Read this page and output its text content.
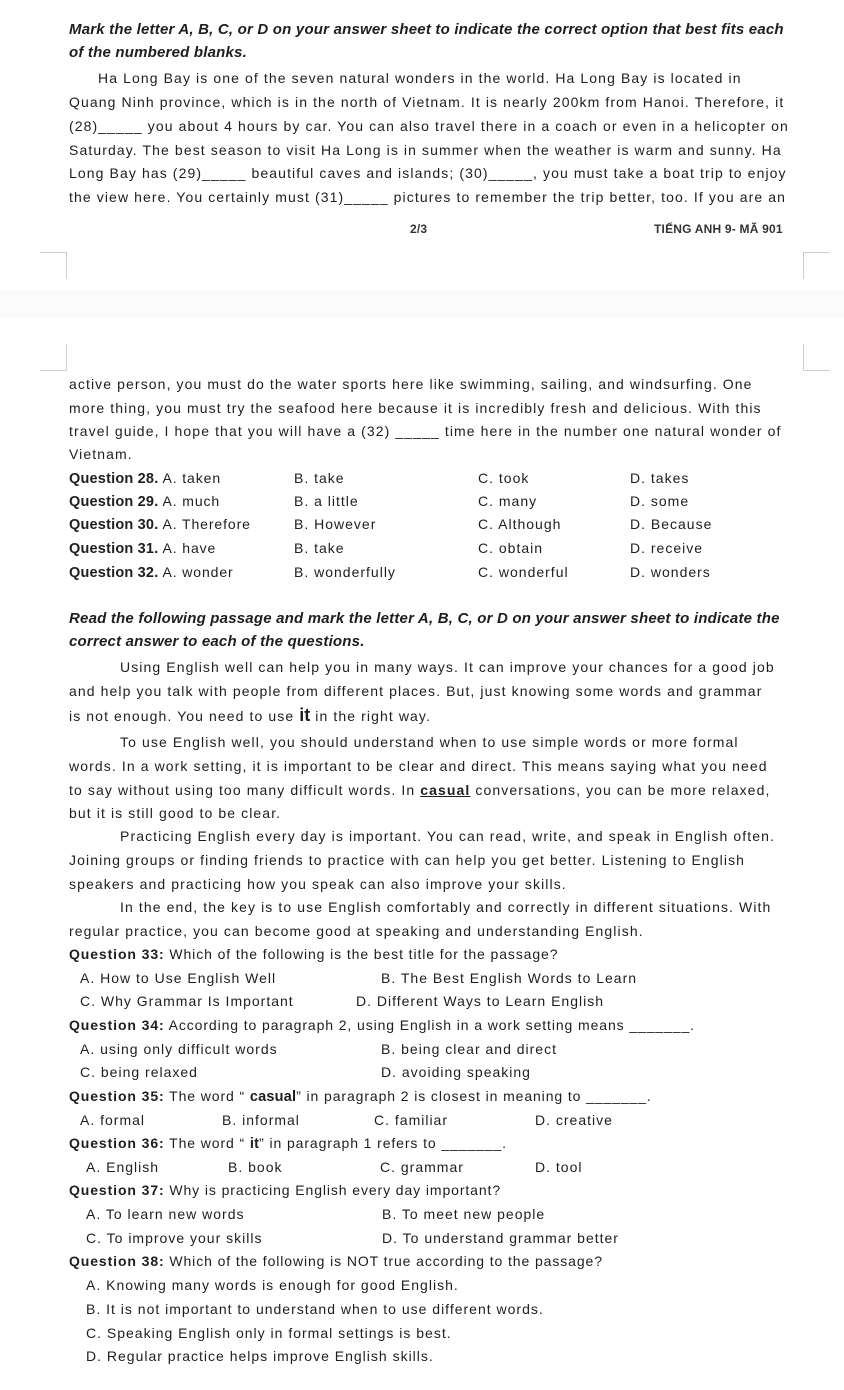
Mark the letter A, B, C, or D on your answer sheet to indicate the correct option that best fits each
of the numbered blanks.
Ha Long Bay is one of the seven natural wonders in the world. Ha Long Bay is located in
Quang Ninh province, which is in the north of Vietnam. It is nearly 200km from Hanoi. Therefore, it
(28)_____ you about 4 hours by car. You can also travel there in a coach or even in a helicopter on
Saturday. The best season to visit Ha Long is in summer when the weather is warm and sunny. Ha
Long Bay has (29)_____ beautiful caves and islands; (30)_____, you must take a boat trip to enjoy
the view here. You certainly must (31)_____ pictures to remember the trip better, too. If you are an
2/3	TIẾNG ANH 9- MÃ 901
active person, you must do the water sports here like swimming, sailing, and windsurfing. One
more thing, you must try the seafood here because it is incredibly fresh and delicious. With this
travel guide, I hope that you will have a (32) _____ time here in the number one natural wonder of
Vietnam.
Question 28. A. taken	B. take	C. took	D. takes
Question 29. A. much	B. a little	C. many	D. some
Question 30. A. Therefore	B. However	C. Although	D. Because
Question 31. A. have	B. take	C. obtain	D. receive
Question 32. A. wonder	B. wonderfully	C. wonderful	D. wonders
Read the following passage and mark the letter A, B, C, or D on your answer sheet to indicate the
correct answer to each of the questions.
Using English well can help you in many ways. It can improve your chances for a good job
and help you talk with people from different places. But, just knowing some words and grammar
is not enough. You need to use it in the right way.
To use English well, you should understand when to use simple words or more formal
words. In a work setting, it is important to be clear and direct. This means saying what you need
to say without using too many difficult words. In casual conversations, you can be more relaxed,
but it is still good to be clear.
Practicing English every day is important. You can read, write, and speak in English often.
Joining groups or finding friends to practice with can help you get better. Listening to English
speakers and practicing how you speak can also improve your skills.
In the end, the key is to use English comfortably and correctly in different situations. With
regular practice, you can become good at speaking and understanding English.
Question 33: Which of the following is the best title for the passage?
A. How to Use English Well	B. The Best English Words to Learn
C. Why Grammar Is Important	D. Different Ways to Learn English
Question 34: According to paragraph 2, using English in a work setting means _______.
A. using only difficult words	B. being clear and direct
C. being relaxed	D. avoiding speaking
Question 35: The word “ casual” in paragraph 2 is closest in meaning to _______.
A. formal	B. informal	C. familiar	D. creative
Question 36: The word “ it” in paragraph 1 refers to _______.
A. English	B. book	C. grammar	D. tool
Question 37: Why is practicing English every day important?
A. To learn new words	B. To meet new people
C. To improve your skills	D. To understand grammar better
Question 38: Which of the following is NOT true according to the passage?
A. Knowing many words is enough for good English.
B. It is not important to understand when to use different words.
C. Speaking English only in formal settings is best.
D. Regular practice helps improve English skills.
